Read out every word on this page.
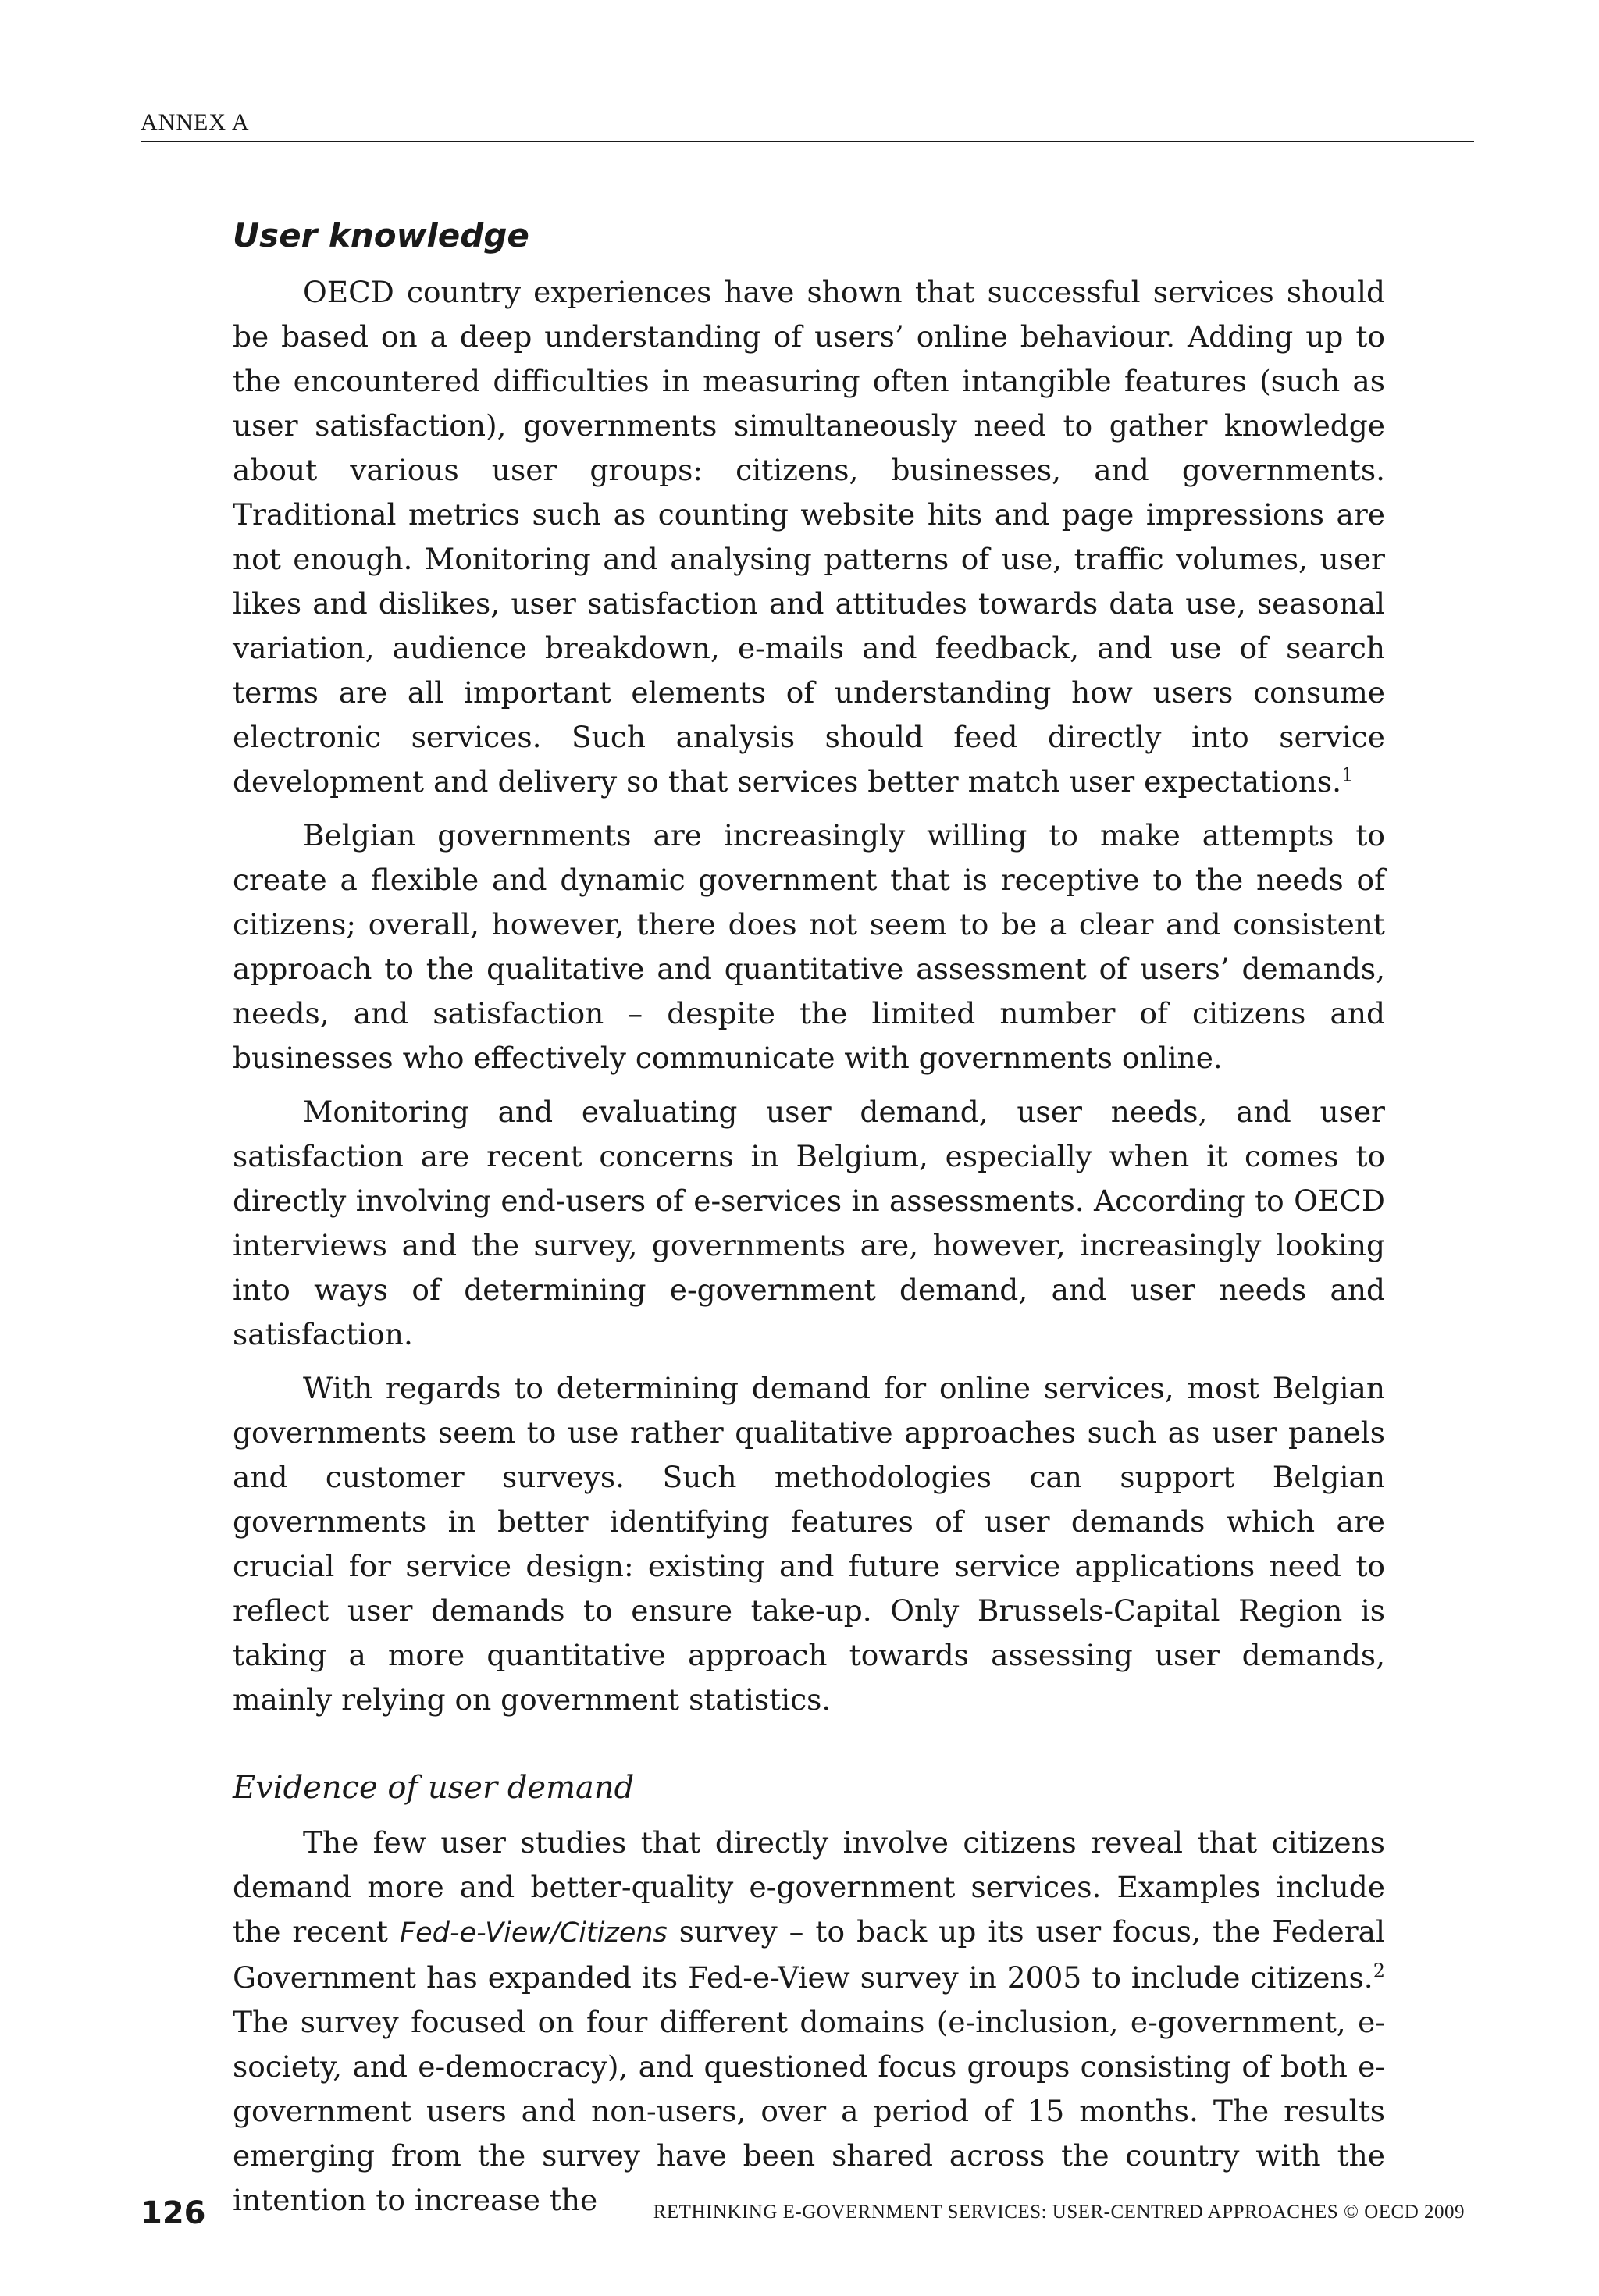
ANNEX A
User knowledge

OECD country experiences have shown that successful services should be based on a deep understanding of users’ online behaviour. Adding up to the encountered difficulties in measuring often intangible features (such as user satisfaction), governments simultaneously need to gather knowledge about various user groups: citizens, businesses, and governments. Traditional metrics such as counting website hits and page impressions are not enough. Monitoring and analysing patterns of use, traffic volumes, user likes and dislikes, user satisfaction and attitudes towards data use, seasonal variation, audience breakdown, e-mails and feedback, and use of search terms are all important elements of understanding how users consume electronic services. Such analysis should feed directly into service development and delivery so that services better match user expectations.$^1$

Belgian governments are increasingly willing to make attempts to create a flexible and dynamic government that is receptive to the needs of citizens; overall, however, there does not seem to be a clear and consistent approach to the qualitative and quantitative assessment of users’ demands, needs, and satisfaction – despite the limited number of citizens and businesses who effectively communicate with governments online.

Monitoring and evaluating user demand, user needs, and user satisfaction are recent concerns in Belgium, especially when it comes to directly involving end-users of e-services in assessments. According to OECD interviews and the survey, governments are, however, increasingly looking into ways of determining e-government demand, and user needs and satisfaction.

With regards to determining demand for online services, most Belgian governments seem to use rather qualitative approaches such as user panels and customer surveys. Such methodologies can support Belgian governments in better identifying features of user demands which are crucial for service design: existing and future service applications need to reflect user demands to ensure take-up. Only Brussels-Capital Region is taking a more quantitative approach towards assessing user demands, mainly relying on government statistics.

Evidence of user demand

The few user studies that directly involve citizens reveal that citizens demand more and better-quality e-government services. Examples include the recent Fed-e-View/Citizens survey – to back up its user focus, the Federal Government has expanded its Fed-e-View survey in 2005 to include citizens.$^2$ The survey focused on four different domains (e-inclusion, e-government, e-society, and e-democracy), and questioned focus groups consisting of both e-government users and non-users, over a period of 15 months. The results emerging from the survey have been shared across the country with the intention to increase the

126	RETHINKING E-GOVERNMENT SERVICES: USER-CENTRED APPROACHES © OECD 2009
